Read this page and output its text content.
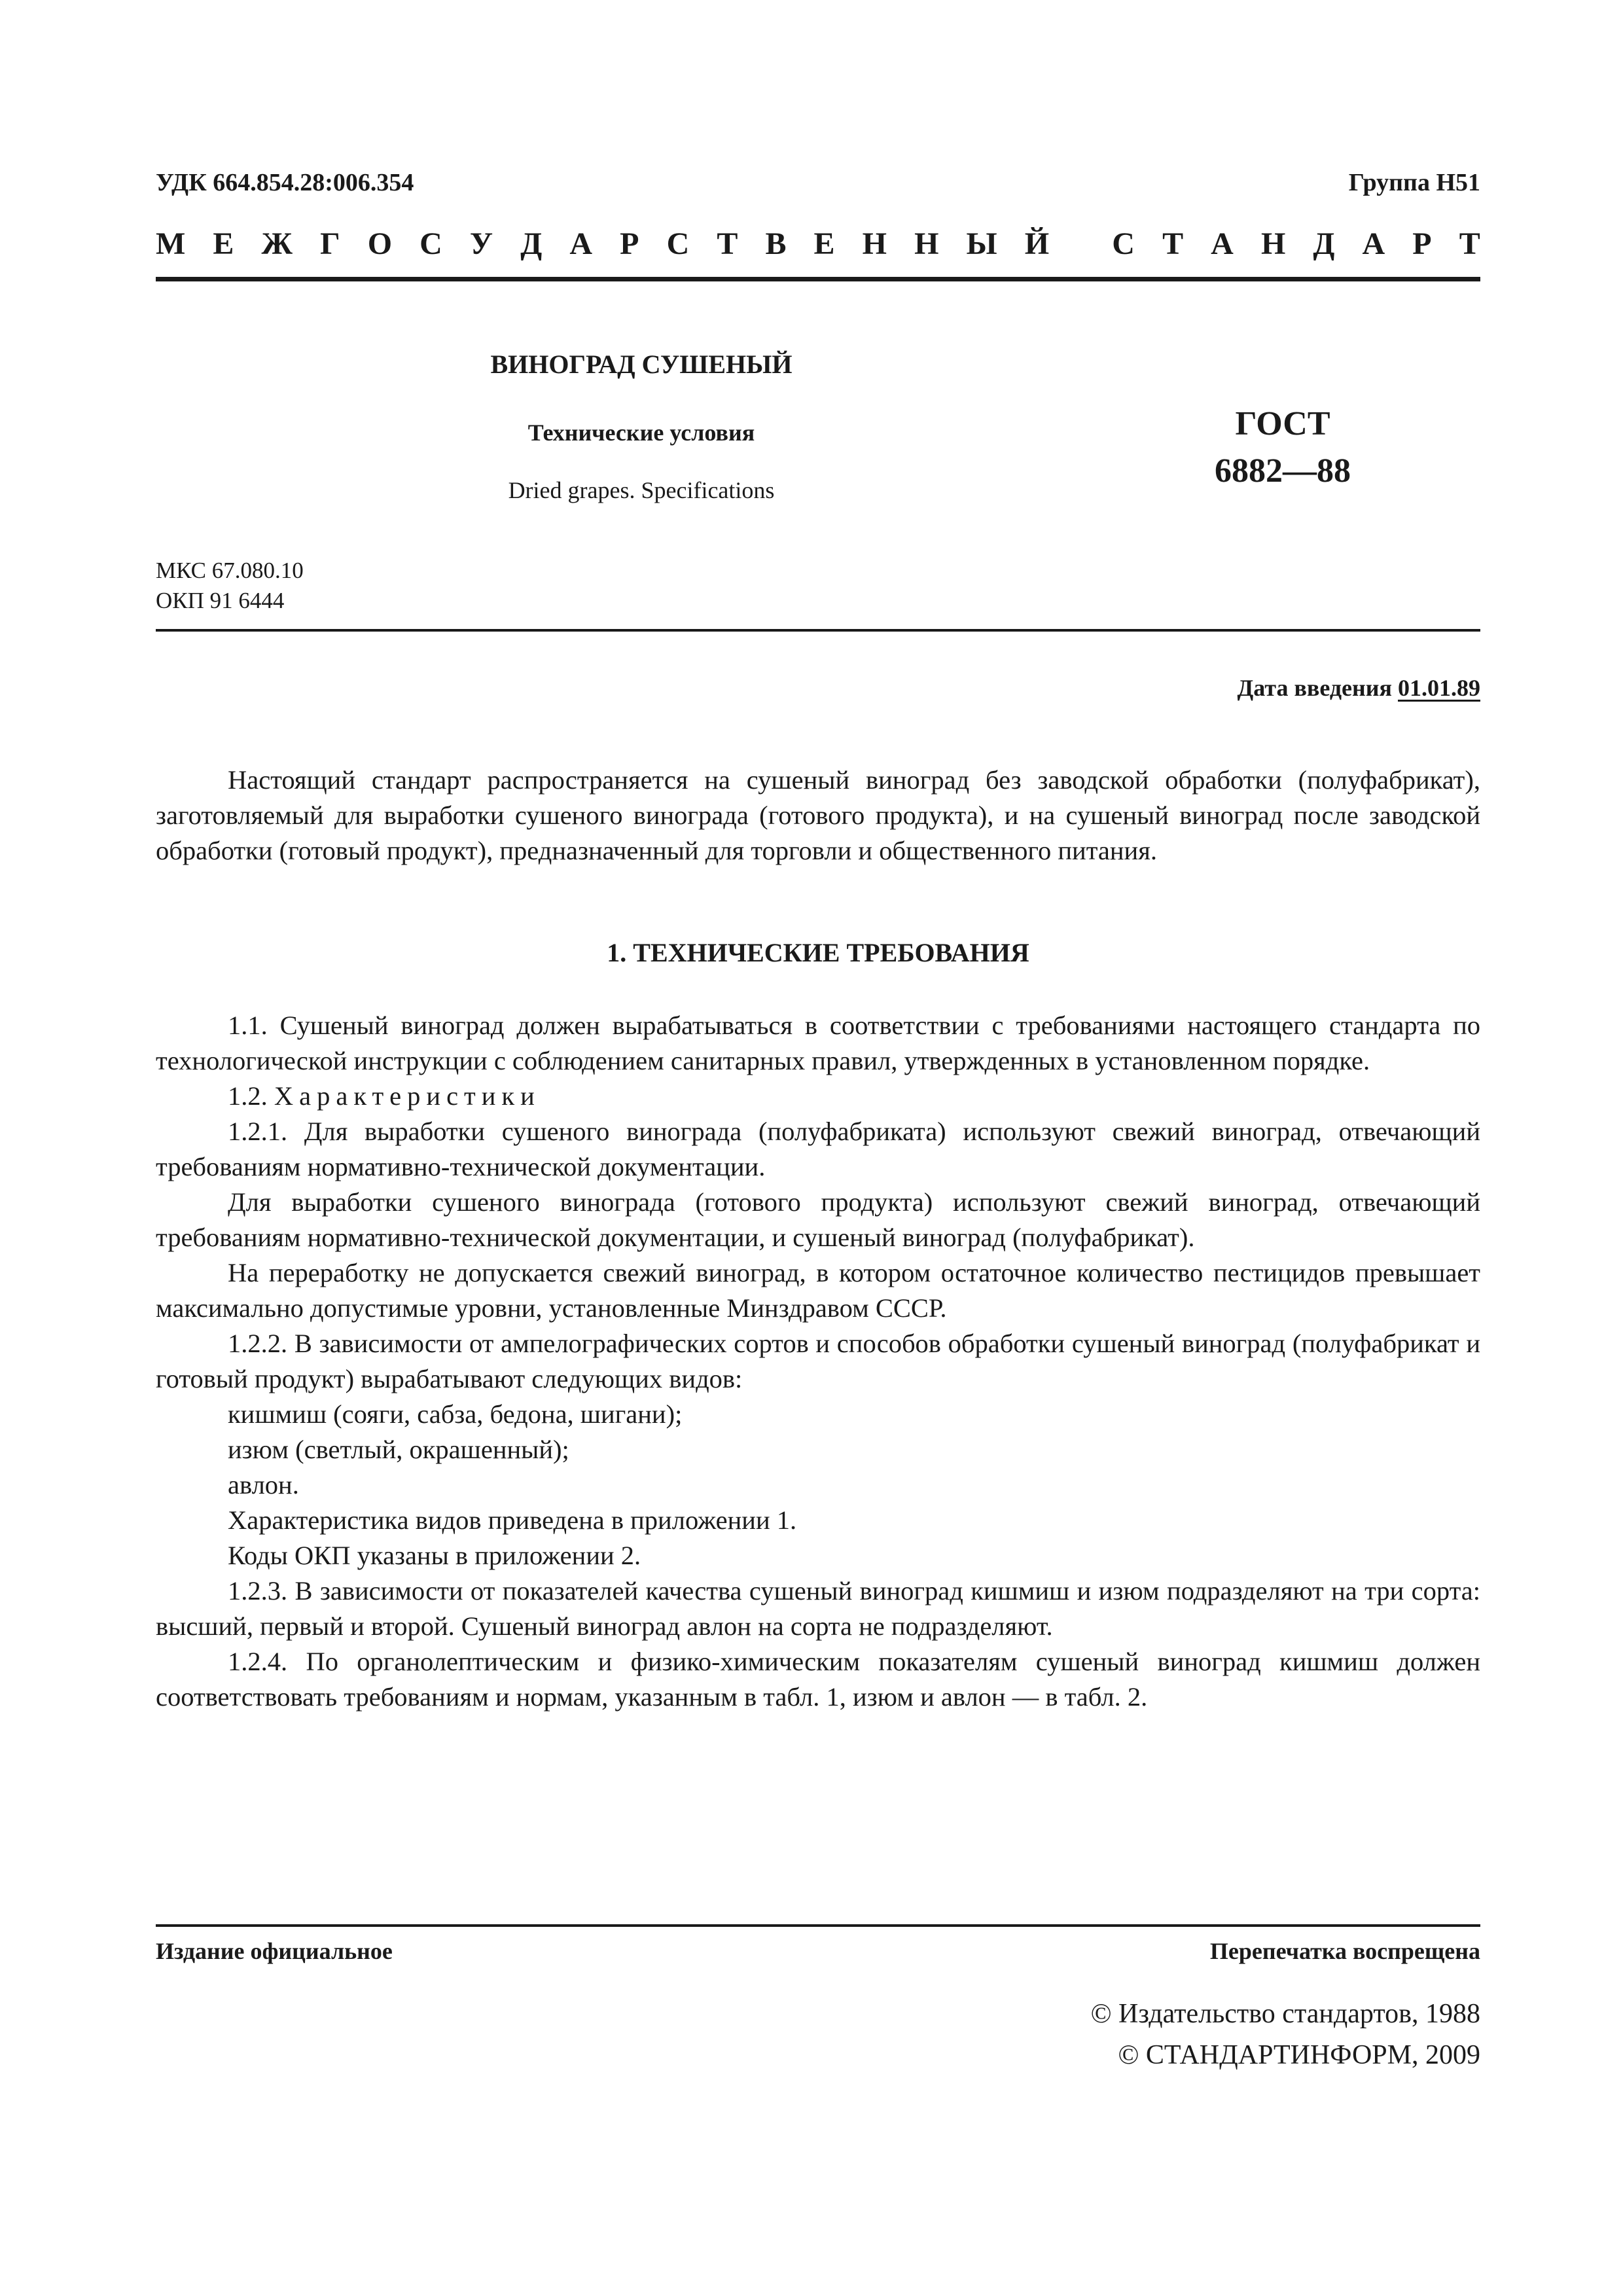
УДК 664.854.28:006.354	Группа Н51
М Е Ж Г О С У Д А Р С Т В Е Н Н Ы Й
С Т А Н Д А Р Т
ВИНОГРАД СУШЕНЫЙ
Технические условия
Dried grapes. Specifications
ГОСТ
6882—88
МКС 67.080.10
ОКП 91 6444
Дата введения 01.01.89

Настоящий стандарт распространяется на сушеный виноград без заводской обработки (полуфабрикат), заготовляемый для выработки сушеного винограда (готового продукта), и на сушеный виноград после заводской обработки (готовый продукт), предназначенный для торговли и общественного питания.

1. ТЕХНИЧЕСКИЕ ТРЕБОВАНИЯ

1.1. Сушеный виноград должен вырабатываться в соответствии с требованиями настоящего стандарта по технологической инструкции с соблюдением санитарных правил, утвержденных в установленном порядке.

1.2. Характеристики

1.2.1. Для выработки сушеного винограда (полуфабриката) используют свежий виноград, отвечающий требованиям нормативно-технической документации.

Для выработки сушеного винограда (готового продукта) используют свежий виноград, отвечающий требованиям нормативно-технической документации, и сушеный виноград (полуфабрикат).

На переработку не допускается свежий виноград, в котором остаточное количество пестицидов превышает максимально допустимые уровни, установленные Минздравом СССР.

1.2.2. В зависимости от ампелографических сортов и способов обработки сушеный виноград (полуфабрикат и готовый продукт) вырабатывают следующих видов:

кишмиш (сояги, сабза, бедона, шигани);

изюм (светлый, окрашенный);

авлон.

Характеристика видов приведена в приложении 1.

Коды ОКП указаны в приложении 2.

1.2.3. В зависимости от показателей качества сушеный виноград кишмиш и изюм подразделяют на три сорта: высший, первый и второй. Сушеный виноград авлон на сорта не подразделяют.

1.2.4. По органолептическим и физико-химическим показателям сушеный виноград кишмиш должен соответствовать требованиям и нормам, указанным в табл. 1, изюм и авлон — в табл. 2.

Издание официальное	Перепечатка воспрещена
© Издательство стандартов, 1988
© СТАНДАРТИНФОРМ, 2009
